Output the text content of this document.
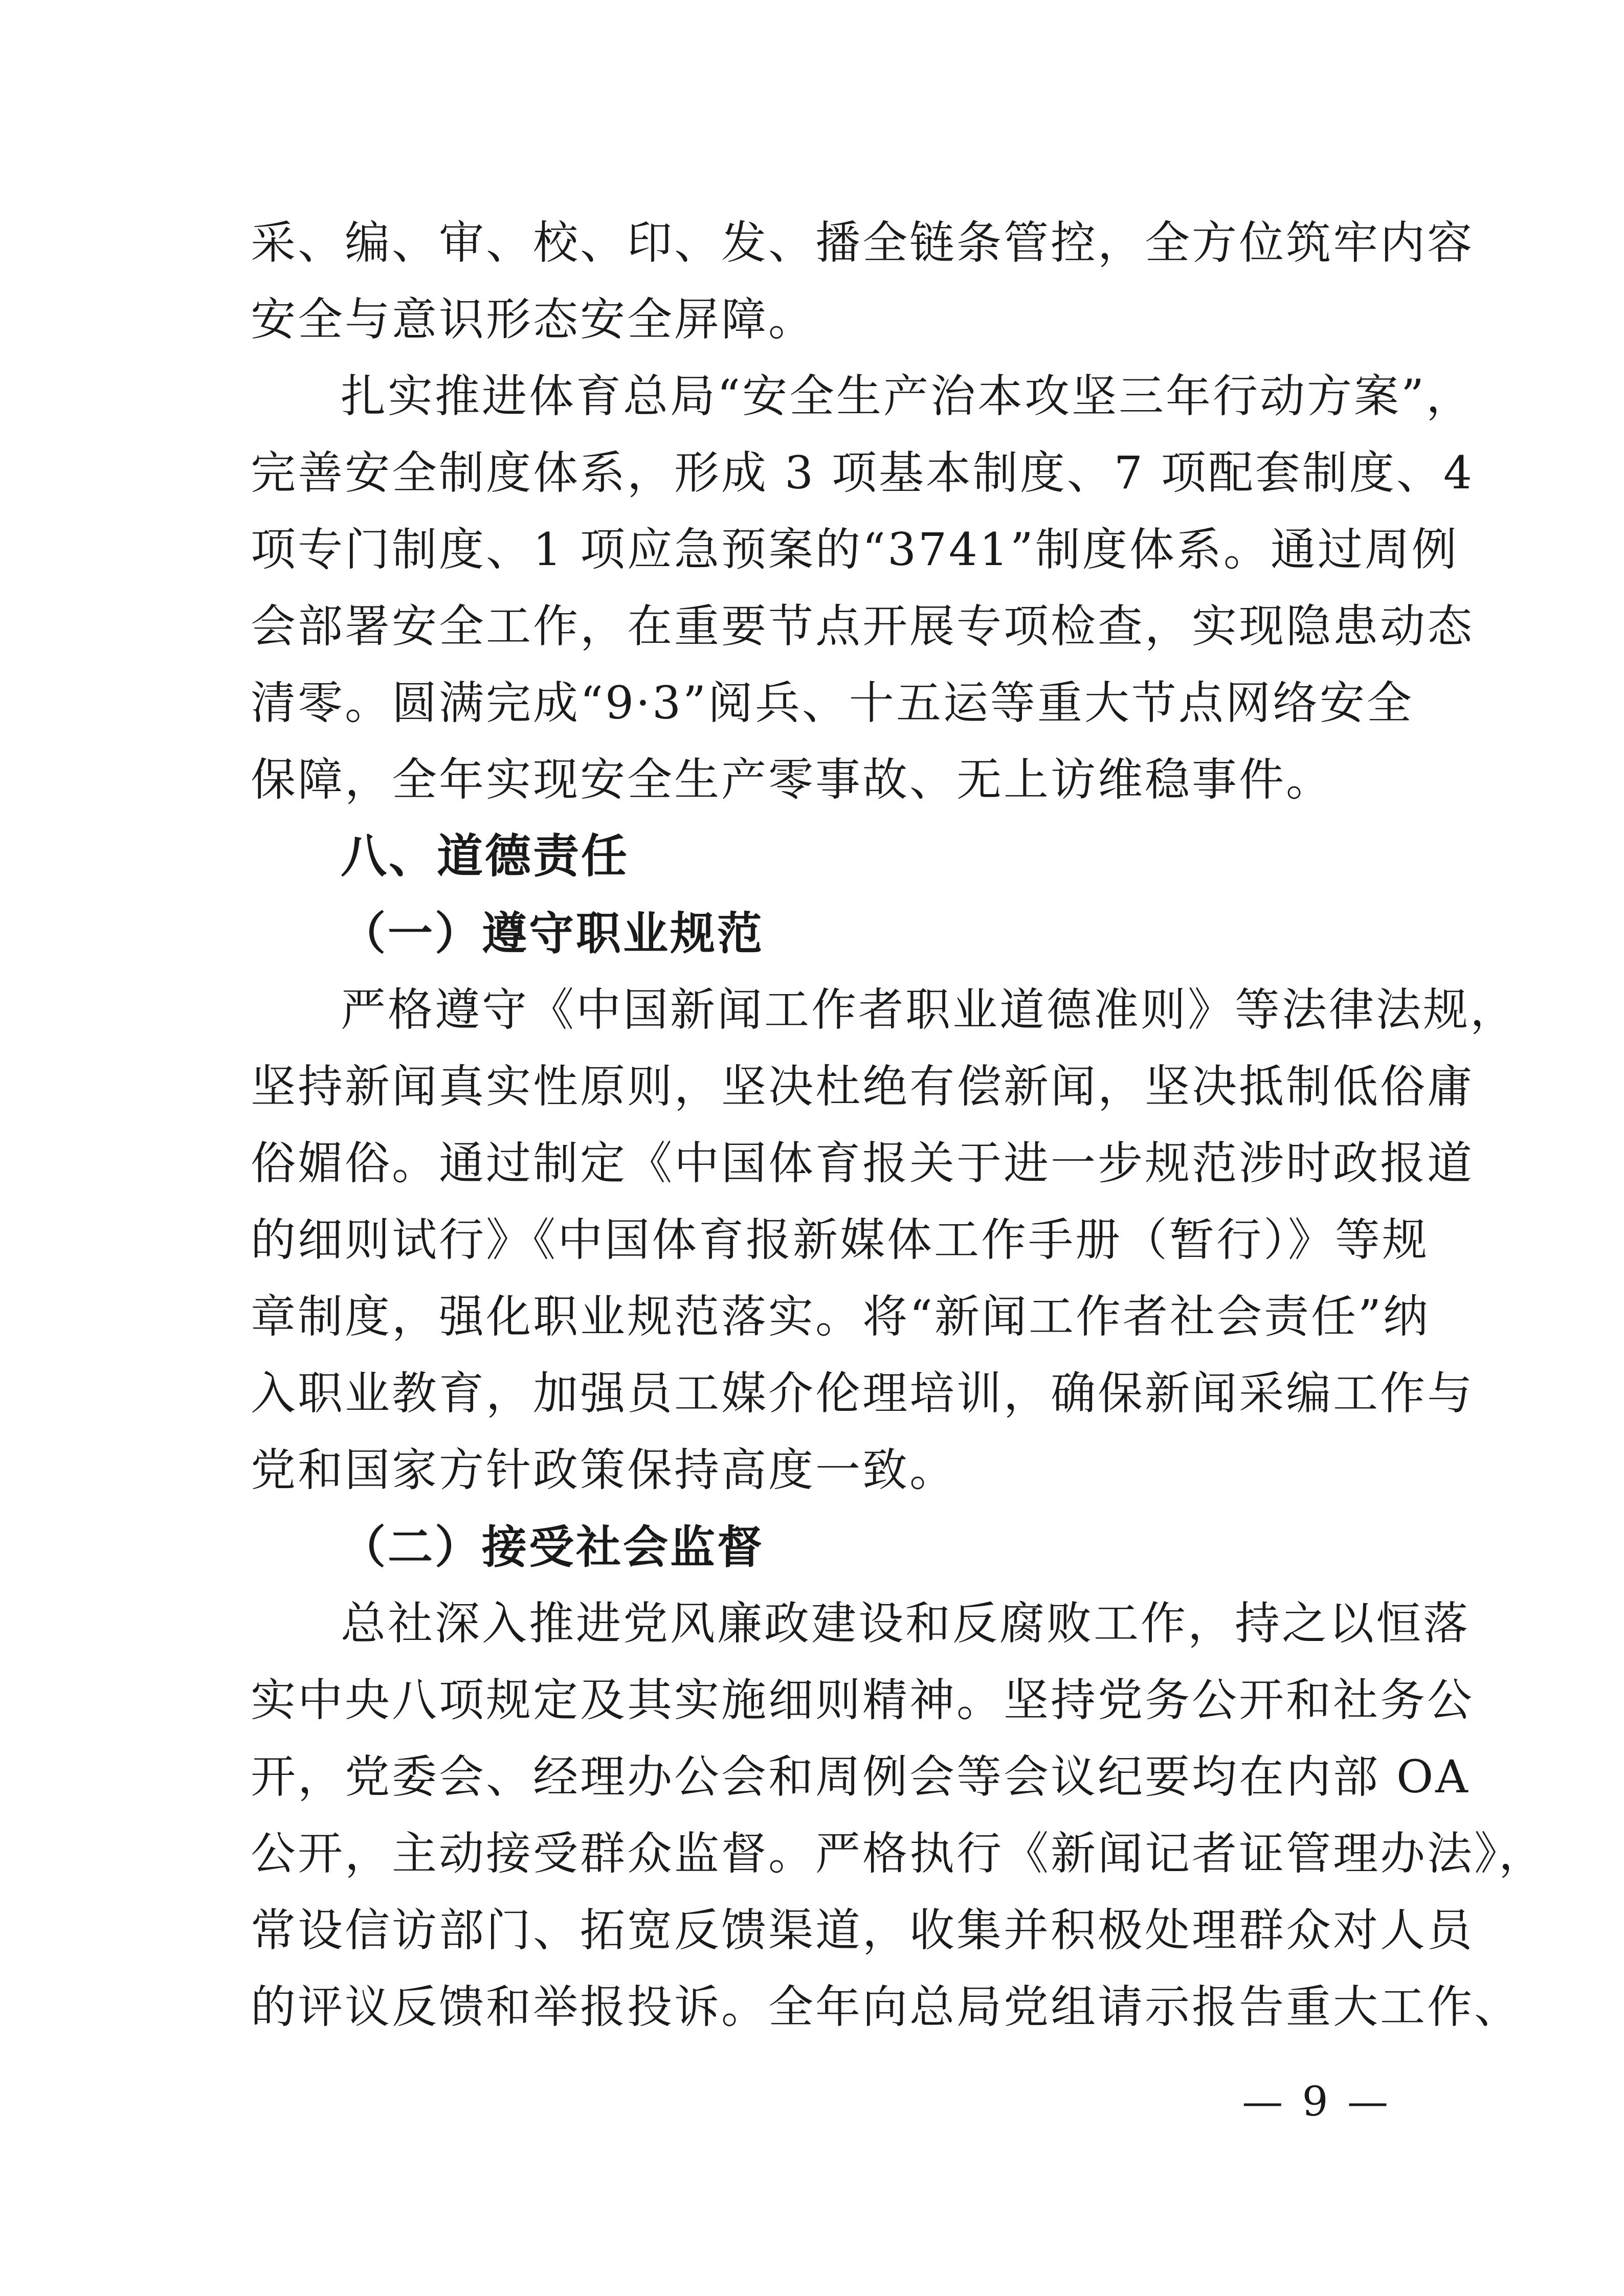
采、编、审、校、印、发、播全链条管控，全方位筑牢内容
安全与意识形态安全屏障。
扎实推进体育总局“安全生产治本攻坚三年行动方案”，
完善安全制度体系，形成 3 项基本制度、7 项配套制度、4
项专门制度、1 项应急预案的“3741”制度体系。通过周例
会部署安全工作，在重要节点开展专项检查，实现隐患动态
清零。圆满完成“9·3”阅兵、十五运等重大节点网络安全
保障，全年实现安全生产零事故、无上访维稳事件。
八、道德责任
（一）遵守职业规范
严格遵守《中国新闻工作者职业道德准则》等法律法规，
坚持新闻真实性原则，坚决杜绝有偿新闻，坚决抵制低俗庸
俗媚俗。通过制定《中国体育报关于进一步规范涉时政报道
的细则试行》《中国体育报新媒体工作手册（暂行）》等规
章制度，强化职业规范落实。将“新闻工作者社会责任”纳
入职业教育，加强员工媒介伦理培训，确保新闻采编工作与
党和国家方针政策保持高度一致。
（二）接受社会监督
总社深入推进党风廉政建设和反腐败工作，持之以恒落
实中央八项规定及其实施细则精神。坚持党务公开和社务公
开，党委会、经理办公会和周例会等会议纪要均在内部 OA
公开，主动接受群众监督。严格执行《新闻记者证管理办法》，
常设信访部门、拓宽反馈渠道，收集并积极处理群众对人员
的评议反馈和举报投诉。全年向总局党组请示报告重大工作、
— 9 —
